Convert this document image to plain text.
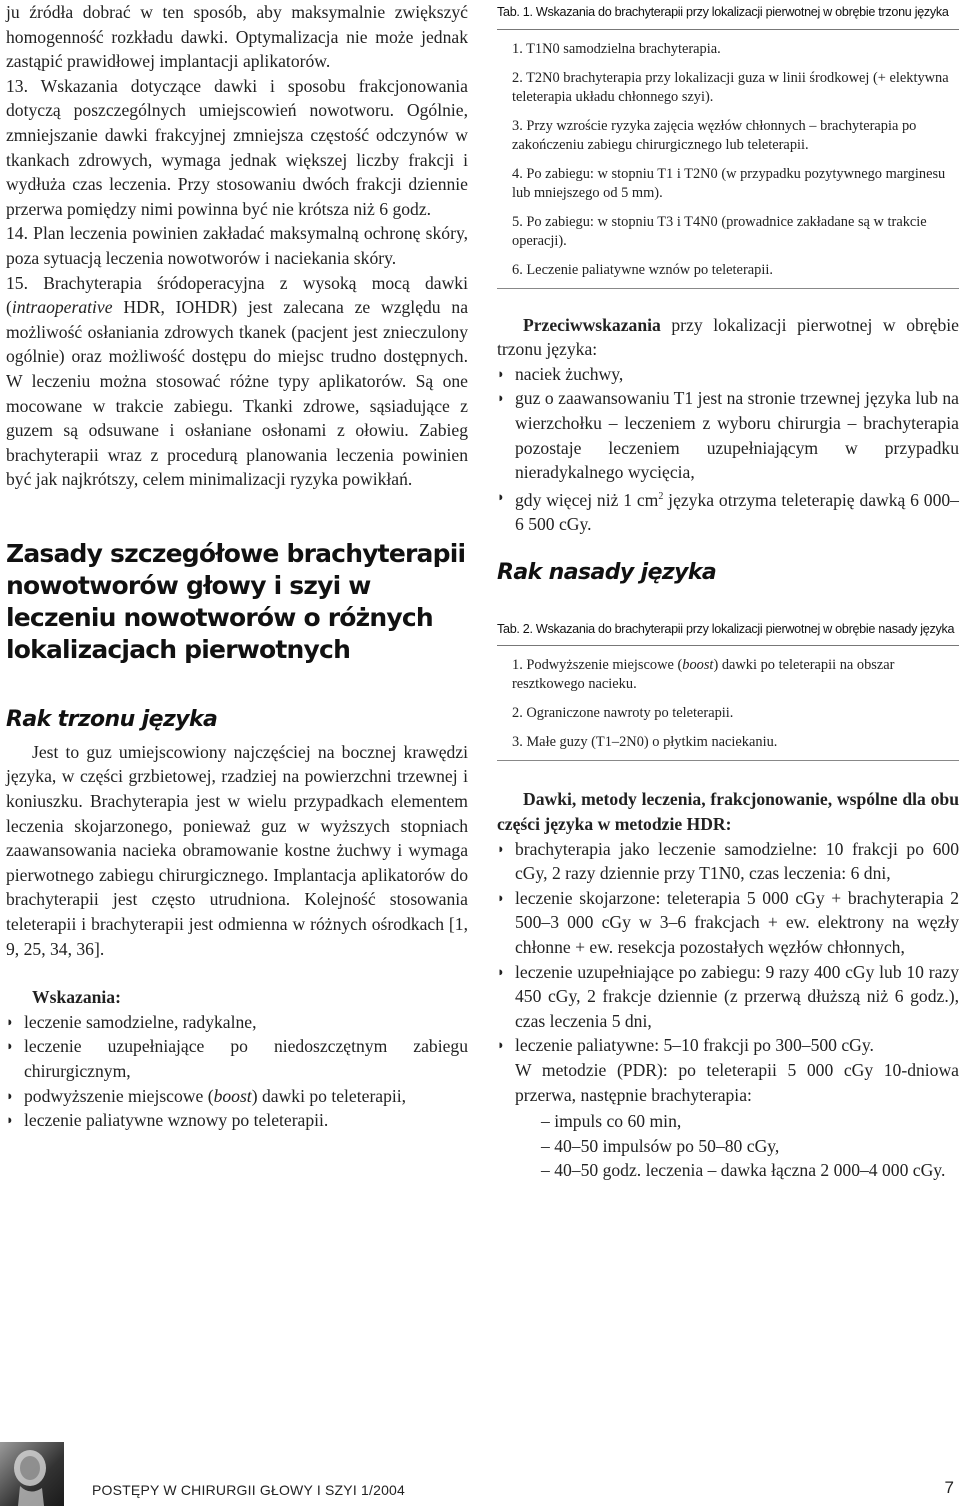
ju źródła dobrać w ten sposób, aby maksymalnie zwiększyć homogenność rozkładu dawki. Optymalizacja nie może jednak zastąpić prawidłowej implantacji aplikatorów.

13. Wskazania dotyczące dawki i sposobu frakcjonowania dotyczą poszczególnych umiejscowień nowotworu. Ogólnie, zmniejszanie dawki frakcyjnej zmniejsza częstość odczynów w tkankach zdrowych, wymaga jednak większej liczby frakcji i wydłuża czas leczenia. Przy stosowaniu dwóch frakcji dziennie przerwa pomiędzy nimi powinna być nie krótsza niż 6 godz.

14. Plan leczenia powinien zakładać maksymalną ochronę skóry, poza sytuacją leczenia nowotworów i naciekania skóry.

15. Brachyterapia śródoperacyjna z wysoką mocą dawki (intraoperative HDR, IOHDR) jest zalecana ze względu na możliwość osłaniania zdrowych tkanek (pacjent jest znieczulony ogólnie) oraz możliwość dostępu do miejsc trudno dostępnych. W leczeniu można stosować różne typy aplikatorów. Są one mocowane w trakcie zabiegu. Tkanki zdrowe, sąsiadujące z guzem są odsuwane i osłaniane osłonami z ołowiu. Zabieg brachyterapii wraz z procedurą planowania leczenia powinien być jak najkrótszy, celem minimalizacji ryzyka powikłań.

Zasady szczegółowe brachyterapii nowotworów głowy i szyi w leczeniu nowotworów o różnych lokalizacjach pierwotnych
Rak trzonu języka

Jest to guz umiejscowiony najczęściej na bocznej krawędzi języka, w części grzbietowej, rzadziej na powierzchni trzewnej i koniuszku. Brachyterapia jest w wielu przypadkach elementem leczenia skojarzonego, ponieważ guz w wyższych stopniach zaawansowania nacieka obramowanie kostne żuchwy i wymaga pierwotnego zabiegu chirurgicznego. Implantacja aplikatorów do brachyterapii jest często utrudniona. Kolejność stosowania teleterapii i brachyterapii jest odmienna w różnych ośrodkach [1, 9, 25, 34, 36].

Wskazania:

◗ leczenie samodzielne, radykalne,
◗ leczenie uzupełniające po niedoszczętnym zabiegu chirurgicznym,
◗ podwyższenie miejscowe (boost) dawki po teleterapii,
◗ leczenie paliatywne wznowy po teleterapii.
Tab. 1. Wskazania do brachyterapii przy lokalizacji pierwotnej w obrębie trzonu języka
1. T1N0 samodzielna brachyterapia.
2. T2N0 brachyterapia przy lokalizacji guza w linii środkowej (+ elektywna teleterapia układu chłonnego szyi).
3. Przy wzroście ryzyka zajęcia węzłów chłonnych – brachyterapia po zakończeniu zabiegu chirurgicznego lub teleterapii.
4. Po zabiegu: w stopniu T1 i T2N0 (w przypadku pozytywnego marginesu lub mniejszego od 5 mm).
5. Po zabiegu: w stopniu T3 i T4N0 (prowadnice zakładane są w trakcie operacji).
6. Leczenie paliatywne wznów po teleterapii.

Przeciwwskazania przy lokalizacji pierwotnej w obrębie trzonu języka:

◗ naciek żuchwy,
◗ guz o zaawansowaniu T1 jest na stronie trzewnej języka lub na wierzchołku – leczeniem z wyboru chirurgia – brachyterapia pozostaje leczeniem uzupełniającym w przypadku nieradykalnego wycięcia,
◗ gdy więcej niż 1 $cm^2$ języka otrzyma teleterapię dawką 6 000–6 500 cGy.
Rak nasady języka
Tab. 2. Wskazania do brachyterapii przy lokalizacji pierwotnej w obrębie nasady języka
1. Podwyższenie miejscowe (boost) dawki po teleterapii na obszar resztkowego nacieku.
2. Ograniczone nawroty po teleterapii.
3. Małe guzy (T1–2N0) o płytkim naciekaniu.

Dawki, metody leczenia, frakcjonowanie, wspólne dla obu części języka w metodzie HDR:

◗ brachyterapia jako leczenie samodzielne: 10 frakcji po 600 cGy, 2 razy dziennie przy T1N0, czas leczenia: 6 dni,
◗ leczenie skojarzone: teleterapia 5 000 cGy + brachyterapia 2 500–3 000 cGy w 3–6 frakcjach + ew. elektrony na węzły chłonne + ew. resekcja pozostałych węzłów chłonnych,
◗ leczenie uzupełniające po zabiegu: 9 razy 400 cGy lub 10 razy 450 cGy, 2 frakcje dziennie (z przerwą dłuższą niż 6 godz.), czas leczenia 5 dni,
◗ leczenie paliatywne: 5–10 frakcji po 300–500 cGy.
W metodzie (PDR): po teleterapii 5 000 cGy 10-dniowa przerwa, następnie brachyterapia:
– impuls co 60 min,
– 40–50 impulsów po 50–80 cGy,
– 40–50 godz. leczenia – dawka łączna 2 000–4 000 cGy.
POSTĘPY W CHIRURGII GŁOWY I SZYI 1/2004	7
